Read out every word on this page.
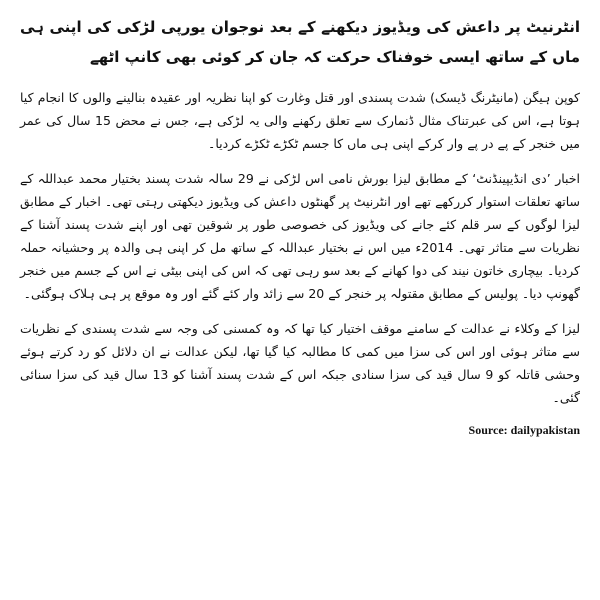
انٹرنیٹ پر داعش کی ویڈیوز دیکھنے کے بعد نوجوان یورپی لڑکی کی اپنی ہی ماں کے ساتھ ایسی خوفناک حرکت کہ جان کر کوئی بھی کانپ اٹھے

کوپن ہیگن (مانیٹرنگ ڈیسک) شدت پسندی اور قتل وغارت کو اپنا نظریہ اور عقیدہ بنالینے والوں کا انجام کیا ہوتا ہے، اس کی عبرتناک مثال ڈنمارک سے تعلق رکھنے والی یہ لڑکی ہے، جس نے محض 15 سال کی عمر میں خنجر کے پے در پے وار کرکے اپنی ہی ماں کا جسم ٹکڑے ٹکڑے کردیا۔

اخبار ’دی انڈیپینڈنٹ‘ کے مطابق لیزا بورش نامی اس لڑکی نے 29 سالہ شدت پسند بختیار محمد عبداللہ کے ساتھ تعلقات استوار کررکھے تھے اور انٹرنیٹ پر گھنٹوں داعش کی ویڈیوز دیکھتی رہتی تھی۔ اخبار کے مطابق لیزا لوگوں کے سر قلم کئے جانے کی ویڈیوز کی خصوصی طور پر شوقین تھی اور اپنے شدت پسند آشنا کے نظریات سے متاثر تھی۔ 2014ء میں اس نے بختیار عبداللہ کے ساتھ مل کر اپنی ہی والدہ پر وحشیانہ حملہ کردیا۔ بیچاری خاتون نیند کی دوا کھانے کے بعد سو رہی تھی کہ اس کی اپنی بیٹی نے اس کے جسم میں خنجر گھونپ دیا۔ پولیس کے مطابق مقتولہ پر خنجر کے 20 سے زائد وار کئے گئے اور وہ موقع پر ہی ہلاک ہوگئی۔

لیزا کے وکلاء نے عدالت کے سامنے موقف اختیار کیا تھا کہ وہ کمسنی کی وجہ سے شدت پسندی کے نظریات سے متاثر ہوئی اور اس کی سزا میں کمی کا مطالبہ کیا گیا تھا، لیکن عدالت نے ان دلائل کو رد کرتے ہوئے وحشی قاتلہ کو 9 سال قید کی سزا سنادی جبکہ اس کے شدت پسند آشنا کو 13 سال قید کی سزا سنائی گئی۔

Source: dailypakistan
